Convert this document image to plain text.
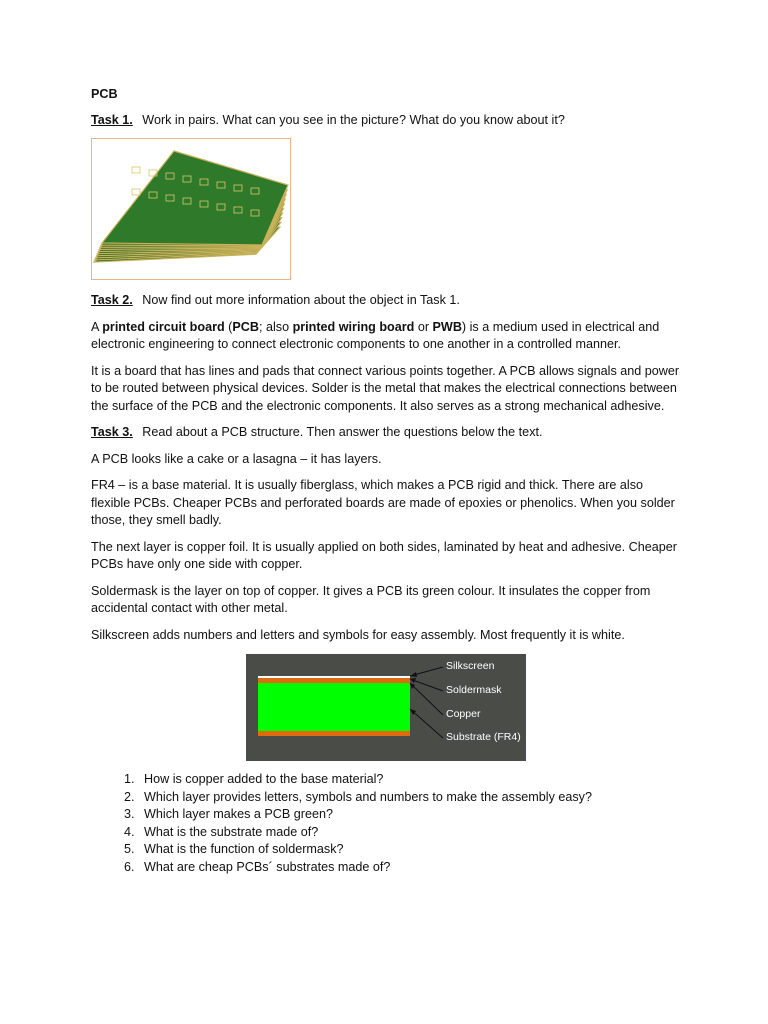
PCB

Task 1. Work in pairs. What can you see in the picture? What do you know about it?

Task 2. Now find out more information about the object in Task 1.

A printed circuit board (PCB; also printed wiring board or PWB) is a medium used in electrical and electronic engineering to connect electronic components to one another in a controlled manner.

It is a board that has lines and pads that connect various points together. A PCB allows signals and power to be routed between physical devices. Solder is the metal that makes the electrical connections between the surface of the PCB and the electronic components. It also serves as a strong mechanical adhesive.

Task 3. Read about a PCB structure. Then answer the questions below the text.

A PCB looks like a cake or a lasagna – it has layers.

FR4 – is a base material. It is usually fiberglass, which makes a PCB rigid and thick. There are also flexible PCBs. Cheaper PCBs and perforated boards are made of epoxies or phenolics. When you solder those, they smell badly.

The next layer is copper foil. It is usually applied on both sides, laminated by heat and adhesive. Cheaper PCBs have only one side with copper.

Soldermask is the layer on top of copper. It gives a PCB its green colour. It insulates the copper from accidental contact with other metal.

Silkscreen adds numbers and letters and symbols for easy assembly. Most frequently it is white.

Silkscreen
Soldermask
Copper
Substrate (FR4)
1. How is copper added to the base material?
2. Which layer provides letters, symbols and numbers to make the assembly easy?
3. Which layer makes a PCB green?
4. What is the substrate made of?
5. What is the function of soldermask?
6. What are cheap PCBs´ substrates made of?
